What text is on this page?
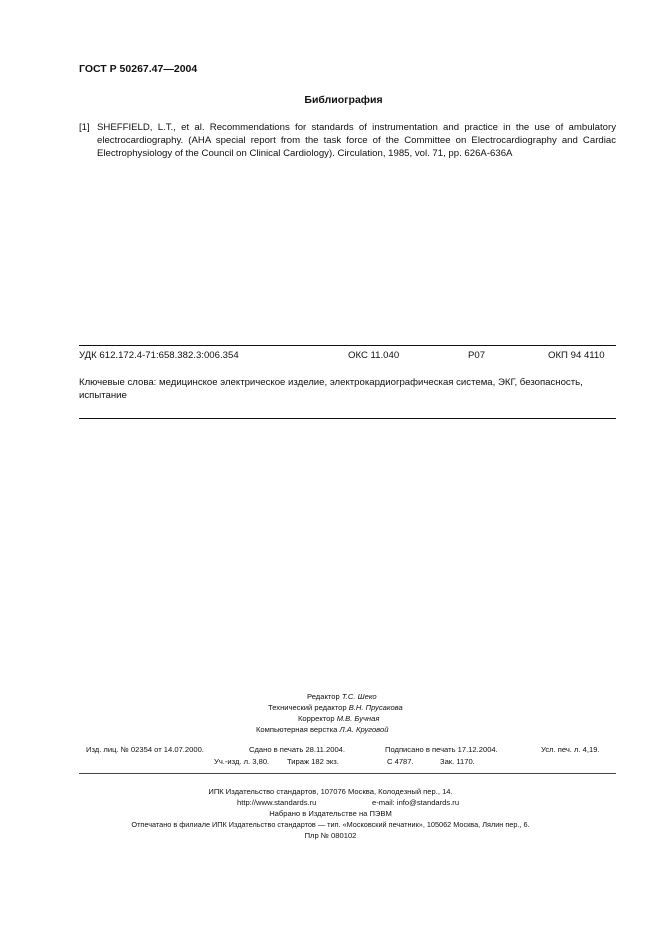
ГОСТ Р 50267.47—2004
Библиография
[1] SHEFFIELD, L.T., et al. Recommendations for standards of instrumentation and practice in the use of ambulatory electrocardiography. (AHA special report from the task force of the Committee on Electrocardiography and Cardiac Electrophysiology of the Council on Clinical Cardiology). Circulation, 1985, vol. 71, pp. 626A-636A
УДК 612.172.4-71:658.382.3:006.354	ОКС 11.040	Р07	ОКП 94 4110
Ключевые слова: медицинское электрическое изделие, электрокардиографическая система, ЭКГ, безопасность, испытание
Редактор Т.С. Шеко
Технический редактор В.Н. Прусакова
Корректор М.В. Бучная
Компьютерная верстка Л.А. Круговой
Изд. лиц. № 02354 от 14.07.2000.	Сдано в печать 28.11.2004.	Подписано в печать 17.12.2004.	Усл. печ. л. 4,19.
Уч.-изд. л. 3,80. Тираж 182 экз.	С 4787.	Зак. 1170.
ИПК Издательство стандартов, 107076 Москва, Колодезный пер., 14.
http://www.standards.ru	e-mail: info@standards.ru
Набрано в Издательстве на ПЭВМ
Отпечатано в филиале ИПК Издательство стандартов — тип. «Московский печатник», 105062 Москва, Лялин пер., 6.
Плр № 080102
